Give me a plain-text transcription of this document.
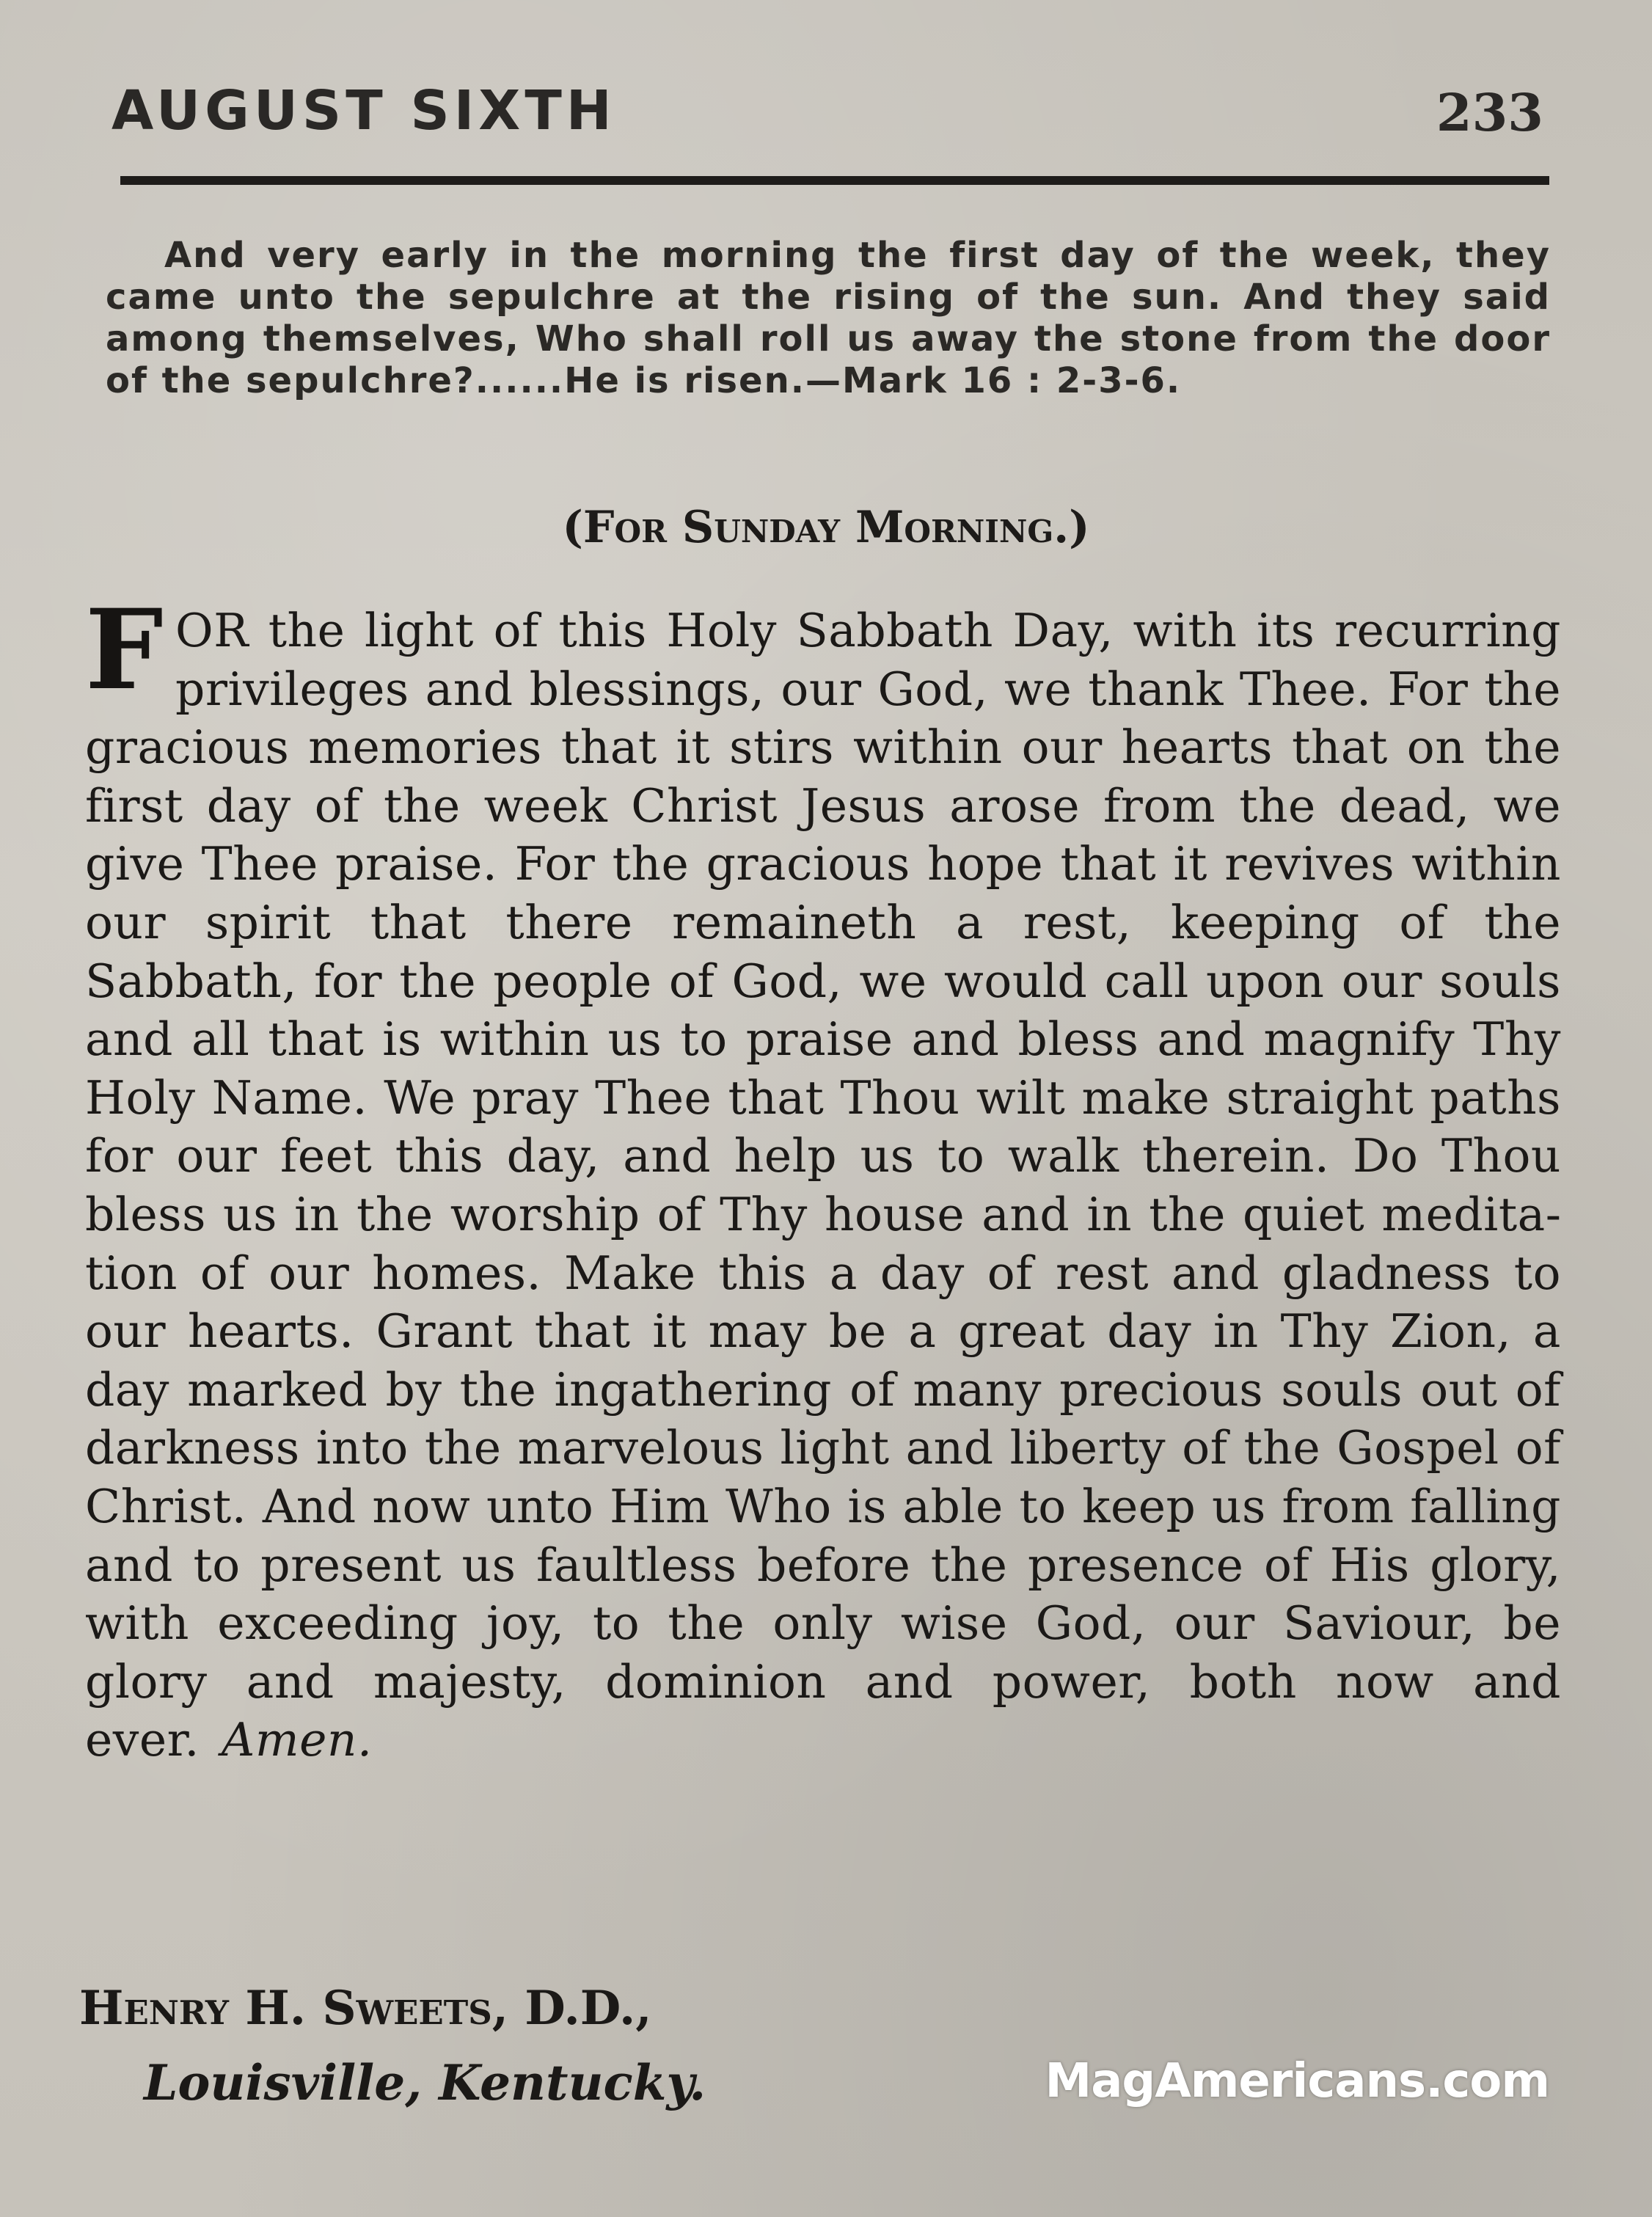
AUGUST SIXTH	233
And very early in the morning the first day of the week, they came unto the sepulchre at the rising of the sun. And they said among themselves, Who shall roll us away the stone from the door of the sepulchre?......He is risen.—Mark 16 : 2-3-6.
(For Sunday Morning.)
FOR the light of this Holy Sabbath Day, with its recurring privileges and blessings, our God, we thank Thee. For the gracious memories that it stirs within our hearts that on the first day of the week Christ Jesus arose from the dead, we give Thee praise. For the gracious hope that it revives within our spirit that there remaineth a rest, keeping of the Sabbath, for the people of God, we would call upon our souls and all that is within us to praise and bless and magnify Thy Holy Name. We pray Thee that Thou wilt make straight paths for our feet this day, and help us to walk therein. Do Thou bless us in the worship of Thy house and in the quiet meditation of our homes. Make this a day of rest and gladness to our hearts. Grant that it may be a great day in Thy Zion, a day marked by the ingathering of many precious souls out of darkness into the marvelous light and liberty of the Gospel of Christ. And now unto Him Who is able to keep us from falling and to present us faultless before the presence of His glory, with exceeding joy, to the only wise God, our Saviour, be glory and majesty, dominion and power, both now and ever. Amen.
Henry H. Sweets, D.D.,
Louisville, Kentucky.	MagAmericans.com
